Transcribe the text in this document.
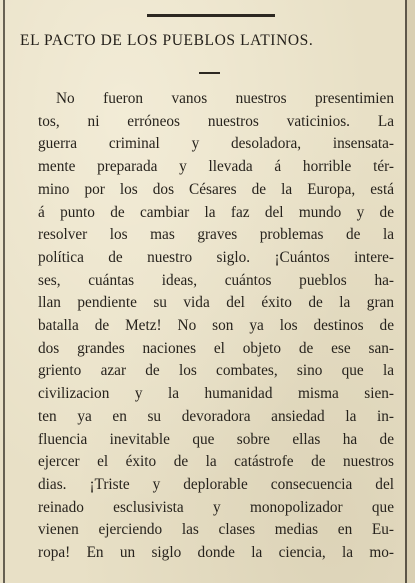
EL PACTO DE LOS PUEBLOS LATINOS.
No fueron vanos nuestros presentimien
tos, ni erróneos nuestros vaticinios. La
guerra criminal y desoladora, insensata-
mente preparada y llevada á horrible tér-
mino por los dos Césares de la Europa, está
á punto de cambiar la faz del mundo y de
resolver los mas graves problemas de la
política de nuestro siglo. ¡Cuántos intere-
ses, cuántas ideas, cuántos pueblos ha-
llan pendiente su vida del éxito de la gran
batalla de Metz! No son ya los destinos de
dos grandes naciones el objeto de ese san-
griento azar de los combates, sino que la
civilizacion y la humanidad misma sien-
ten ya en su devoradora ansiedad la in-
fluencia inevitable que sobre ellas ha de
ejercer el éxito de la catástrofe de nuestros
dias. ¡Triste y deplorable consecuencia del
reinado esclusivista y monopolizador que
vienen ejerciendo las clases medias en Eu-
ropa! En un siglo donde la ciencia, la mo-
